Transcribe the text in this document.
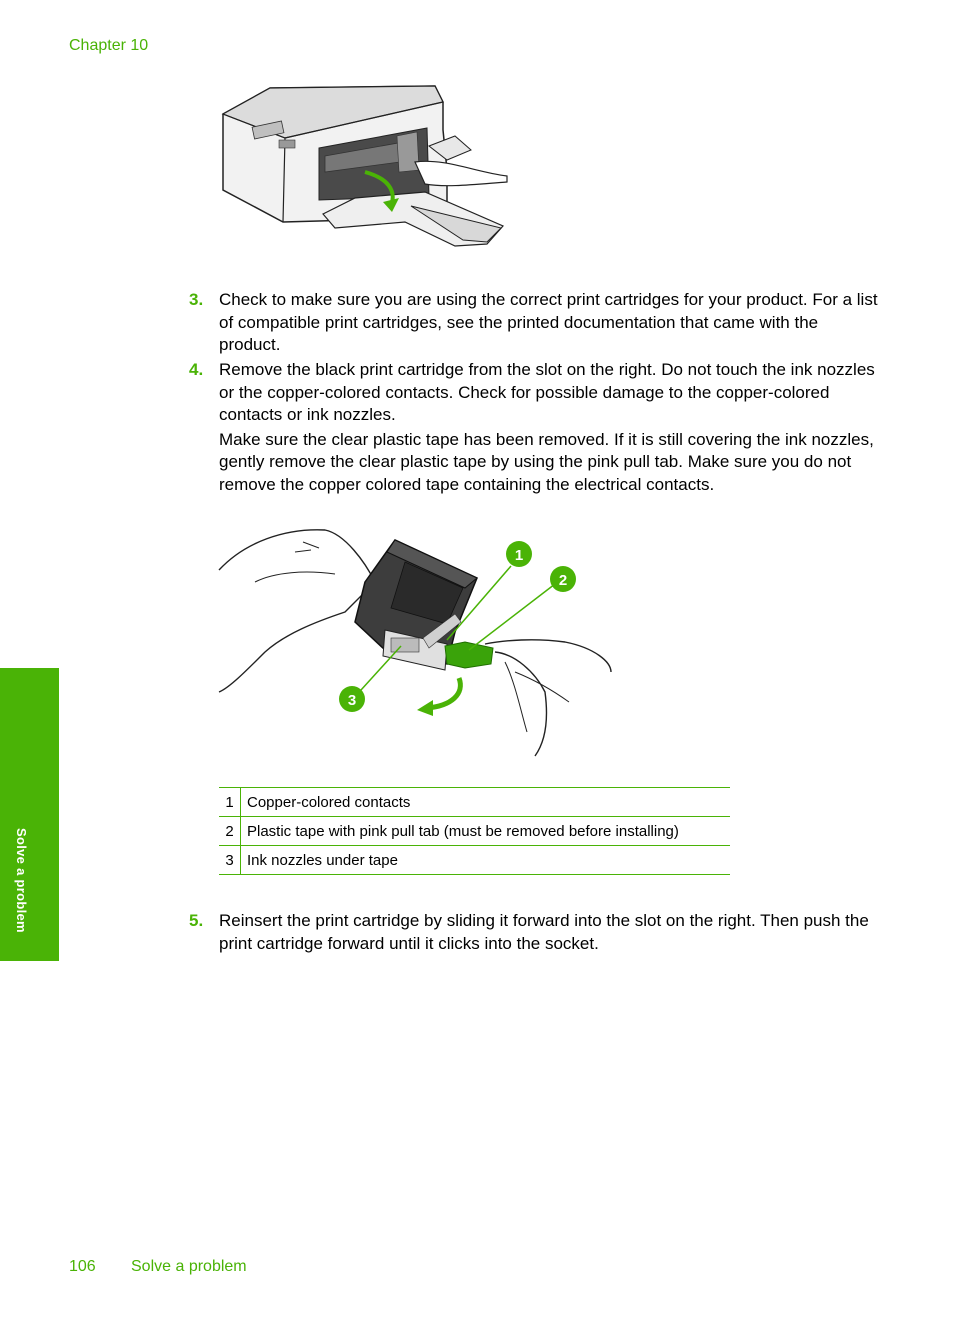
Chapter 10
Solve a problem
3. Check to make sure you are using the correct print cartridges for your product. For a list of compatible print cartridges, see the printed documentation that came with the product.

4. Remove the black print cartridge from the slot on the right. Do not touch the ink nozzles or the copper-colored contacts. Check for possible damage to the copper-colored contacts or ink nozzles.

Make sure the clear plastic tape has been removed. If it is still covering the ink nozzles, gently remove the clear plastic tape by using the pink pull tab. Make sure you do not remove the copper colored tape containing the electrical contacts.

1
2
3
1	Copper-colored contacts
2	Plastic tape with pink pull tab (must be removed before installing)
3	Ink nozzles under tape
5. Reinsert the print cartridge by sliding it forward into the slot on the right. Then push the print cartridge forward until it clicks into the socket.

106 Solve a problem
